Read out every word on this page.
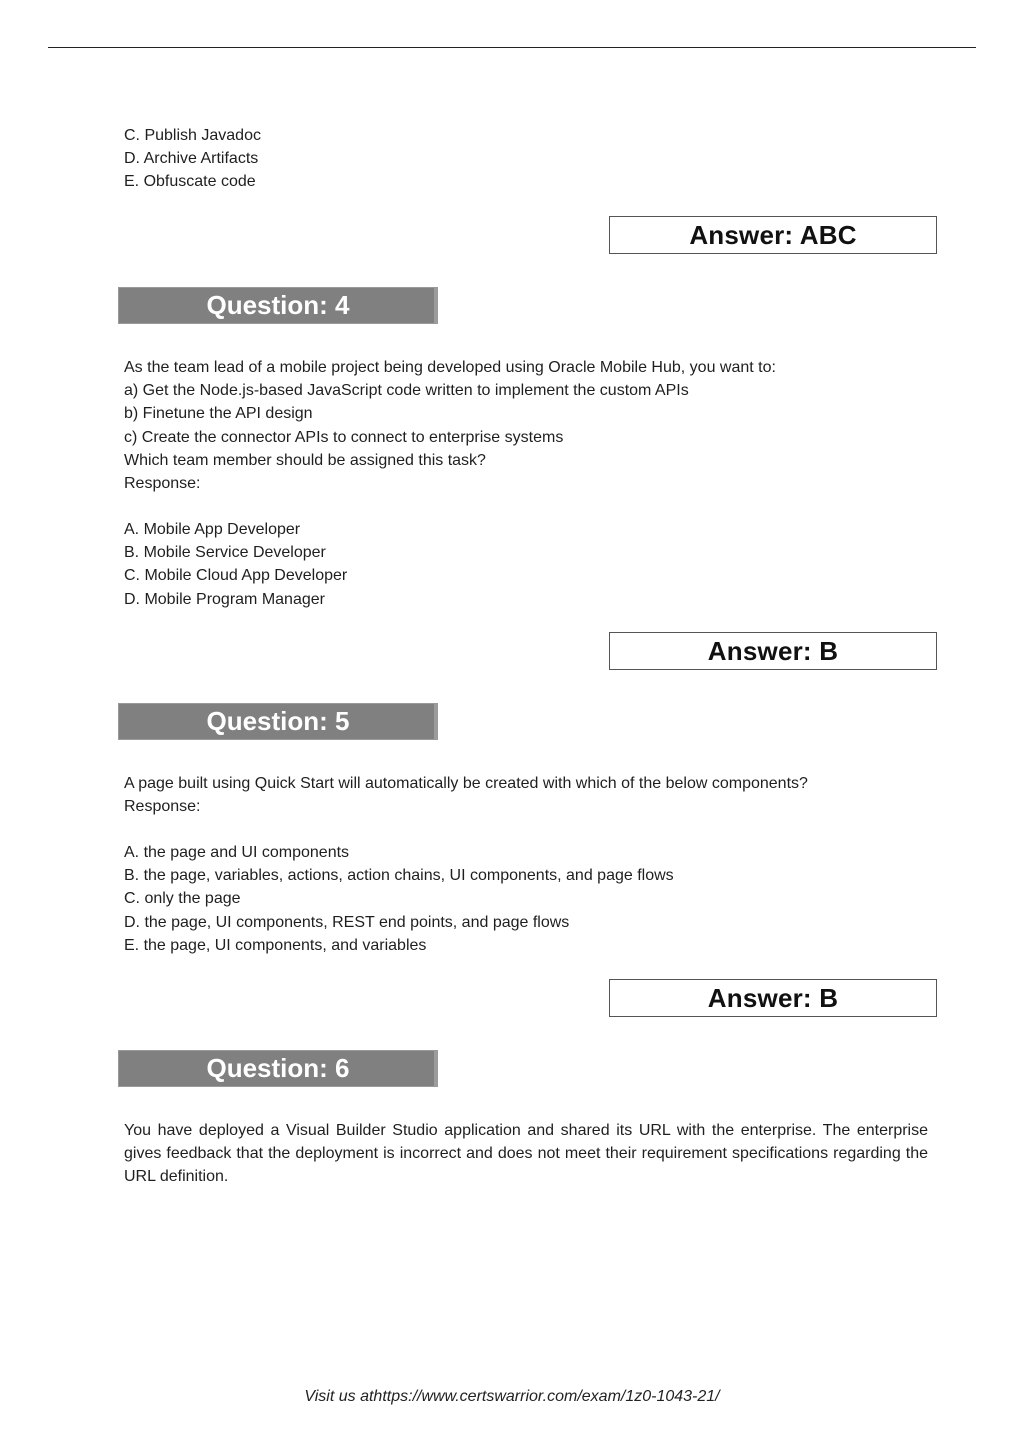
C. Publish Javadoc
D. Archive Artifacts
E. Obfuscate code
Answer: ABC
Question: 4
As the team lead of a mobile project being developed using Oracle Mobile Hub, you want to:
a) Get the Node.js-based JavaScript code written to implement the custom APIs
b) Finetune the API design
c) Create the connector APIs to connect to enterprise systems
Which team member should be assigned this task?
Response:
A. Mobile App Developer
B. Mobile Service Developer
C. Mobile Cloud App Developer
D. Mobile Program Manager
Answer: B
Question: 5
A page built using Quick Start will automatically be created with which of the below components?
Response:
A. the page and UI components
B. the page, variables, actions, action chains, UI components, and page flows
C. only the page
D. the page, UI components, REST end points, and page flows
E. the page, UI components, and variables
Answer: B
Question: 6
You have deployed a Visual Builder Studio application and shared its URL with the enterprise. The enterprise gives feedback that the deployment is incorrect and does not meet their requirement specifications regarding the URL definition.
Visit us athttps://www.certswarrior.com/exam/1z0-1043-21/
